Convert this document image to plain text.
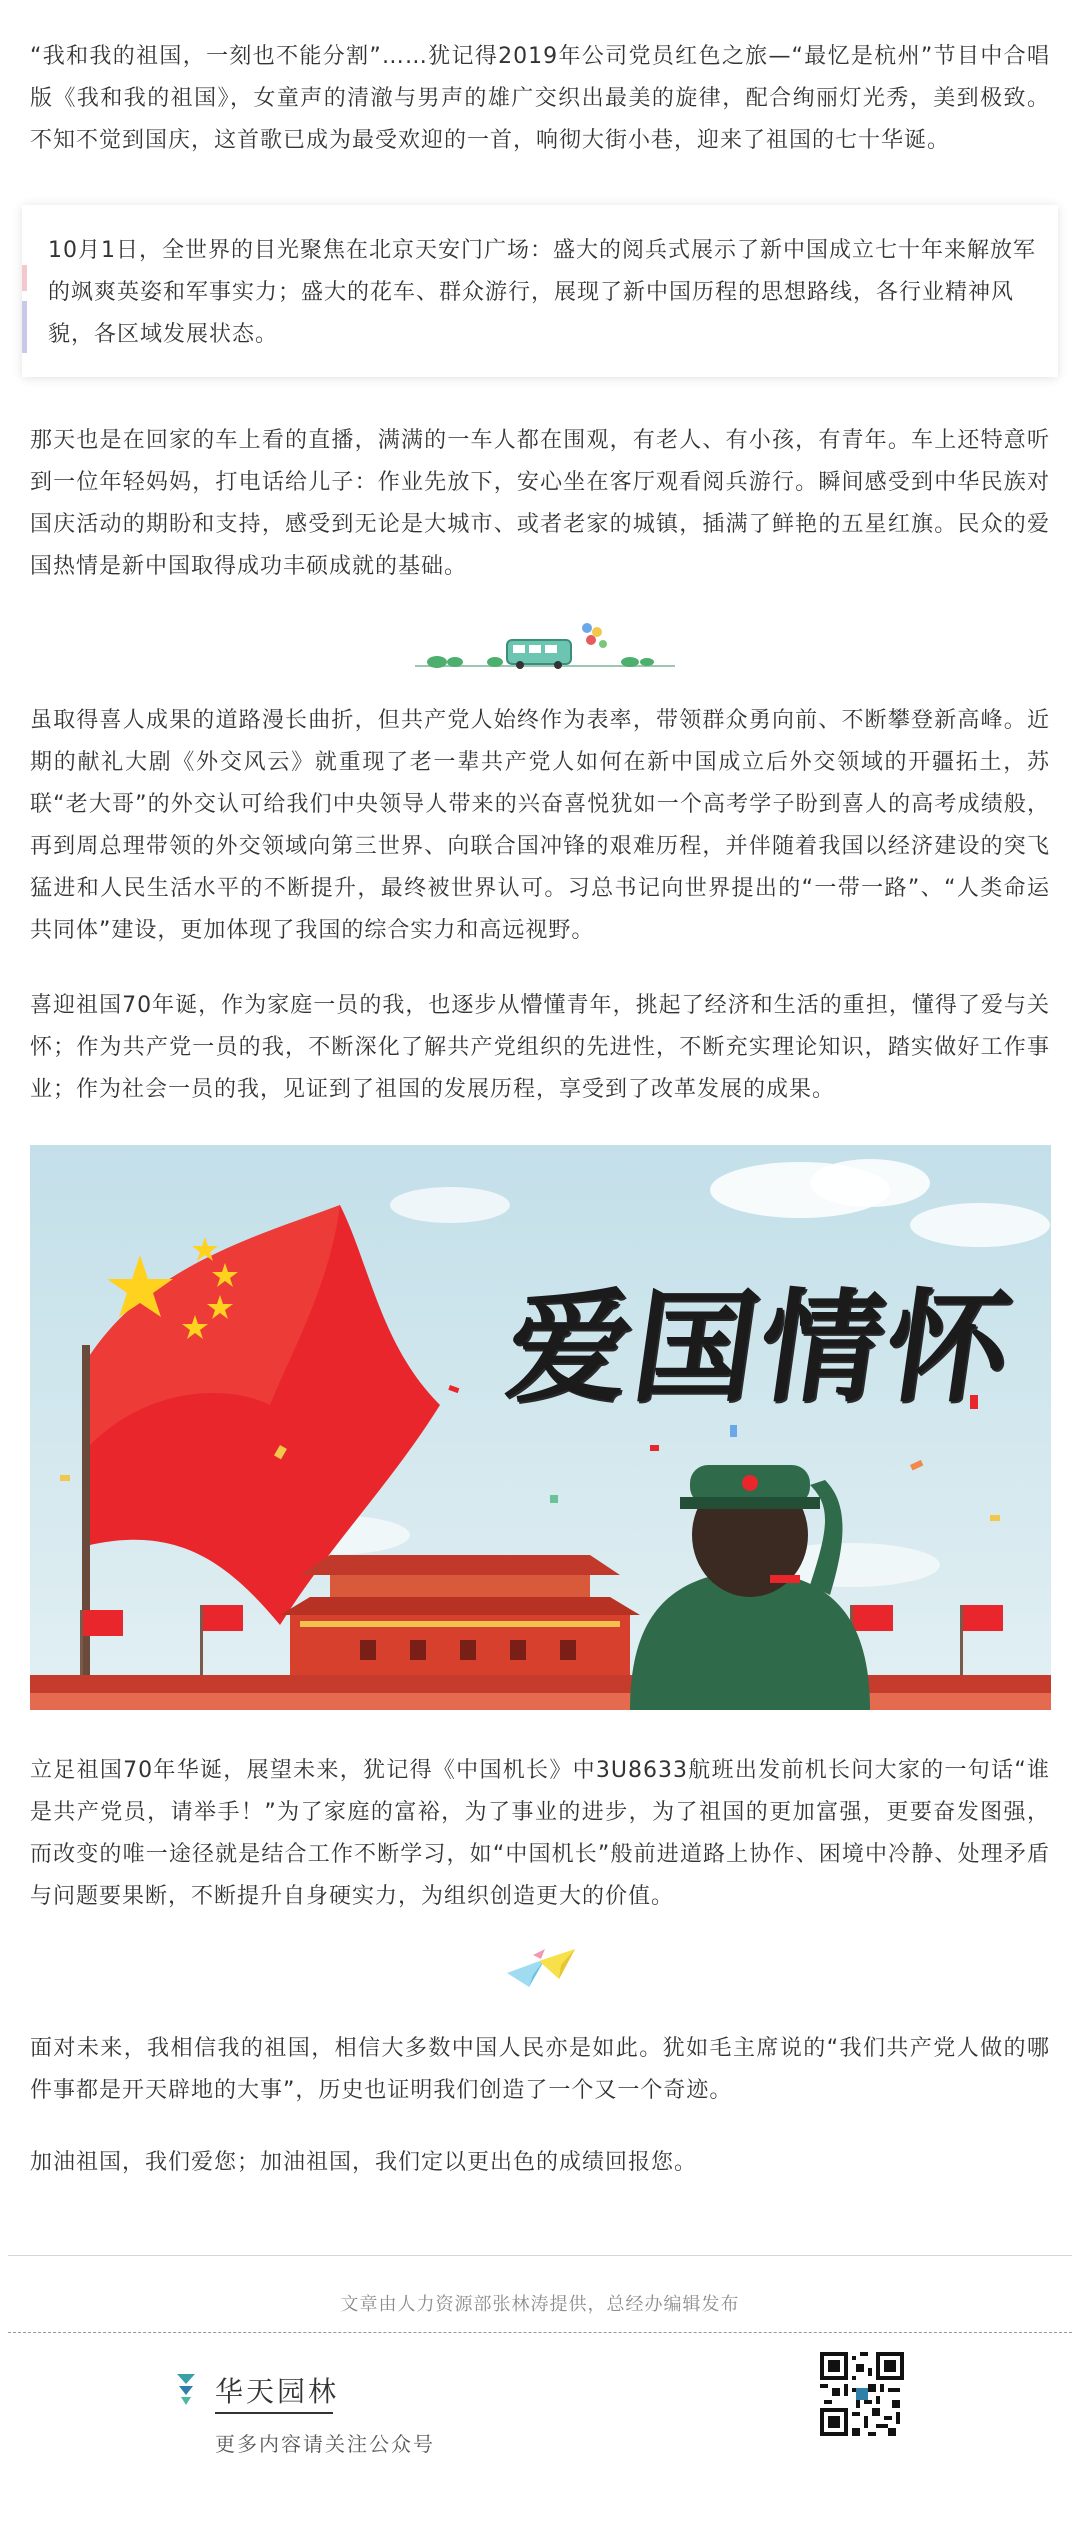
“我和我的祖国，一刻也不能分割”……犹记得2019年公司党员红色之旅—“最忆是杭州”节目中合唱版《我和我的祖国》，女童声的清澈与男声的雄广交织出最美的旋律，配合绚丽灯光秀，美到极致。不知不觉到国庆，这首歌已成为最受欢迎的一首，响彻大街小巷，迎来了祖国的七十华诞。

10月1日，全世界的目光聚焦在北京天安门广场：盛大的阅兵式展示了新中国成立七十年来解放军的飒爽英姿和军事实力；盛大的花车、群众游行，展现了新中国历程的思想路线，各行业精神风貌，各区域发展状态。

那天也是在回家的车上看的直播，满满的一车人都在围观，有老人、有小孩，有青年。车上还特意听到一位年轻妈妈，打电话给儿子：作业先放下，安心坐在客厅观看阅兵游行。瞬间感受到中华民族对国庆活动的期盼和支持，感受到无论是大城市、或者老家的城镇，插满了鲜艳的五星红旗。民众的爱国热情是新中国取得成功丰硕成就的基础。

虽取得喜人成果的道路漫长曲折，但共产党人始终作为表率，带领群众勇向前、不断攀登新高峰。近期的献礼大剧《外交风云》就重现了老一辈共产党人如何在新中国成立后外交领域的开疆拓土，苏联“老大哥”的外交认可给我们中央领导人带来的兴奋喜悦犹如一个高考学子盼到喜人的高考成绩般，再到周总理带领的外交领域向第三世界、向联合国冲锋的艰难历程，并伴随着我国以经济建设的突飞猛进和人民生活水平的不断提升，最终被世界认可。习总书记向世界提出的“一带一路”、“人类命运共同体”建设，更加体现了我国的综合实力和高远视野。

喜迎祖国70年诞，作为家庭一员的我，也逐步从懵懂青年，挑起了经济和生活的重担，懂得了爱与关怀；作为共产党一员的我，不断深化了解共产党组织的先进性，不断充实理论知识，踏实做好工作事业；作为社会一员的我，见证到了祖国的发展历程，享受到了改革发展的成果。

爱国情怀

立足祖国70年华诞，展望未来，犹记得《中国机长》中3U8633航班出发前机长问大家的一句话“谁是共产党员，请举手！”为了家庭的富裕，为了事业的进步，为了祖国的更加富强，更要奋发图强，而改变的唯一途径就是结合工作不断学习，如“中国机长”般前进道路上协作、困境中冷静、处理矛盾与问题要果断，不断提升自身硬实力，为组织创造更大的价值。

面对未来，我相信我的祖国，相信大多数中国人民亦是如此。犹如毛主席说的“我们共产党人做的哪件事都是开天辟地的大事”，历史也证明我们创造了一个又一个奇迹。

加油祖国，我们爱您；加油祖国，我们定以更出色的成绩回报您。

文章由人力资源部张林涛提供，总经办编辑发布
华天园林
更多内容请关注公众号
